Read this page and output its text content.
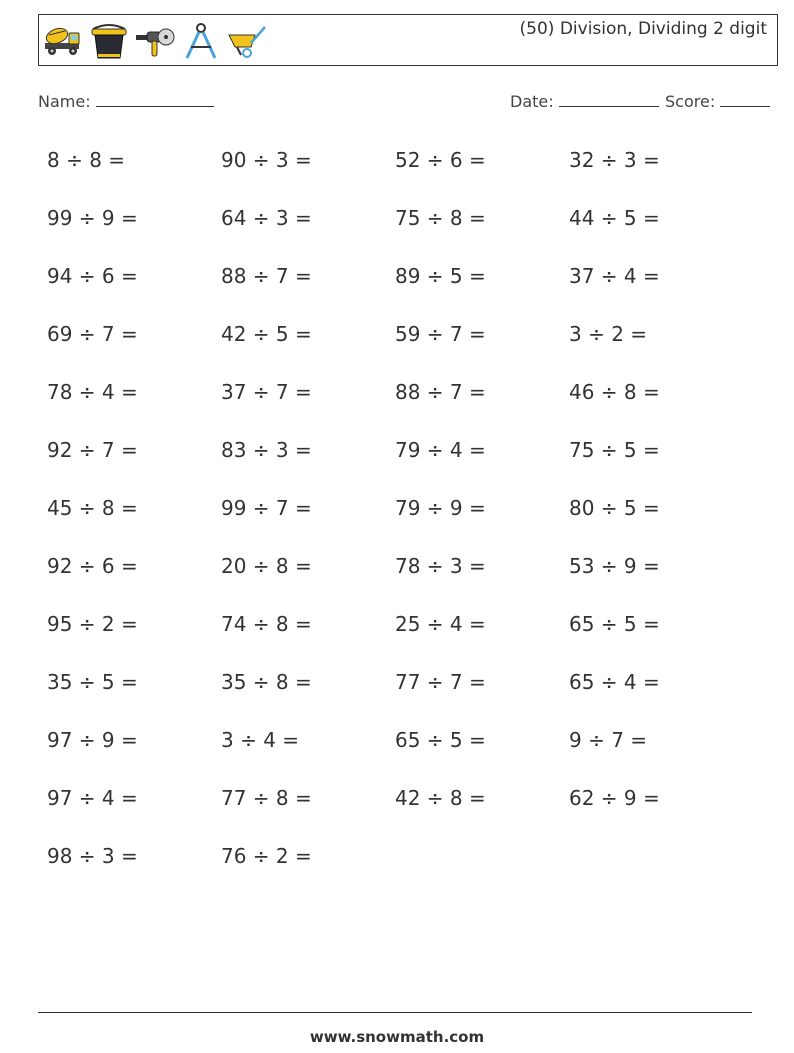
(50) Division, Dividing 2 digit
Name:	Date:	Score:
8 ÷ 8 =	90 ÷ 3 =	52 ÷ 6 =	32 ÷ 3 =
99 ÷ 9 =	64 ÷ 3 =	75 ÷ 8 =	44 ÷ 5 =
94 ÷ 6 =	88 ÷ 7 =	89 ÷ 5 =	37 ÷ 4 =
69 ÷ 7 =	42 ÷ 5 =	59 ÷ 7 =	3 ÷ 2 =
78 ÷ 4 =	37 ÷ 7 =	88 ÷ 7 =	46 ÷ 8 =
92 ÷ 7 =	83 ÷ 3 =	79 ÷ 4 =	75 ÷ 5 =
45 ÷ 8 =	99 ÷ 7 =	79 ÷ 9 =	80 ÷ 5 =
92 ÷ 6 =	20 ÷ 8 =	78 ÷ 3 =	53 ÷ 9 =
95 ÷ 2 =	74 ÷ 8 =	25 ÷ 4 =	65 ÷ 5 =
35 ÷ 5 =	35 ÷ 8 =	77 ÷ 7 =	65 ÷ 4 =
97 ÷ 9 =	3 ÷ 4 =	65 ÷ 5 =	9 ÷ 7 =
97 ÷ 4 =	77 ÷ 8 =	42 ÷ 8 =	62 ÷ 9 =
98 ÷ 3 =	76 ÷ 2 =
www.snowmath.com
